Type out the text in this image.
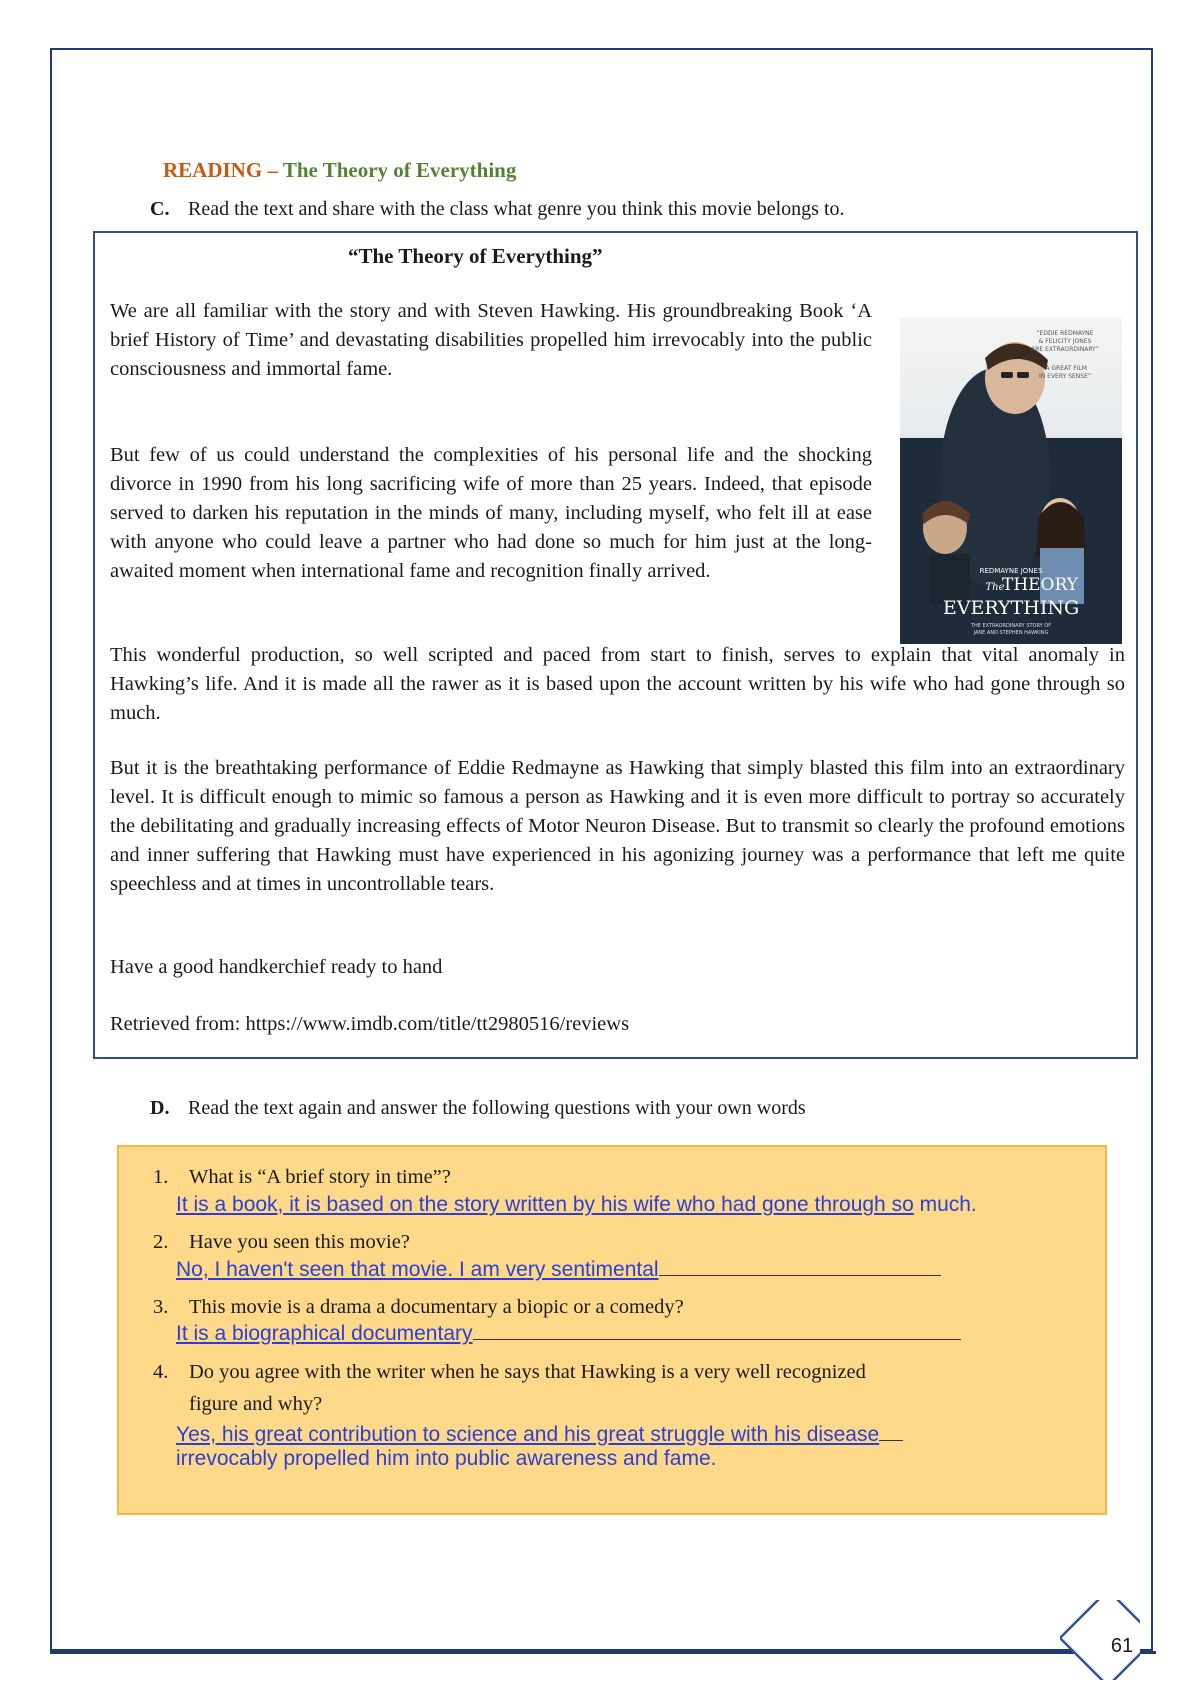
READING – The Theory of Everything
C. Read the text and share with the class what genre you think this movie belongs to.
“The Theory of Everything”

We are all familiar with the story and with Steven Hawking. His groundbreaking Book ‘A brief History of Time’ and devastating disabilities propelled him irrevocably into the public consciousness and immortal fame.

But few of us could understand the complexities of his personal life and the shocking divorce in 1990 from his long sacrificing wife of more than 25 years. Indeed, that episode served to darken his reputation in the minds of many, including myself, who felt ill at ease with anyone who could leave a partner who had done so much for him just at the long-awaited moment when international fame and recognition finally arrived.

This wonderful production, so well scripted and paced from start to finish, serves to explain that vital anomaly in Hawking’s life. And it is made all the rawer as it is based upon the account written by his wife who had gone through so much.

But it is the breathtaking performance of Eddie Redmayne as Hawking that simply blasted this film into an extraordinary level. It is difficult enough to mimic so famous a person as Hawking and it is even more difficult to portray so accurately the debilitating and gradually increasing effects of Motor Neuron Disease. But to transmit so clearly the profound emotions and inner suffering that Hawking must have experienced in his agonizing journey was a performance that left me quite speechless and at times in uncontrollable tears.

Have a good handkerchief ready to hand

Retrieved from: https://www.imdb.com/title/tt2980516/reviews

“EDDIE REDMAYNE
& FELICITY JONES
ARE EXTRAORDINARY”
“A GREAT FILM
IN EVERY SENSE”
REDMAYNE JONES
The
THEORY
EVERYTHING
THE EXTRAORDINARY STORY OF
JANE AND STEPHEN HAWKING
D. Read the text again and answer the following questions with your own words
1. What is “A brief story in time”?
It is a book, it is based on the story written by his wife who had gone through so much.
2. Have you seen this movie?
No, I haven't seen that movie. I am very sentimental
3. This movie is a drama a documentary a biopic or a comedy?
It is a biographical documentary
4. Do you agree with the writer when he says that Hawking is a very well recognized
figure and why?
Yes, his great contribution to science and his great struggle with his disease
irrevocably propelled him into public awareness and fame.
61
